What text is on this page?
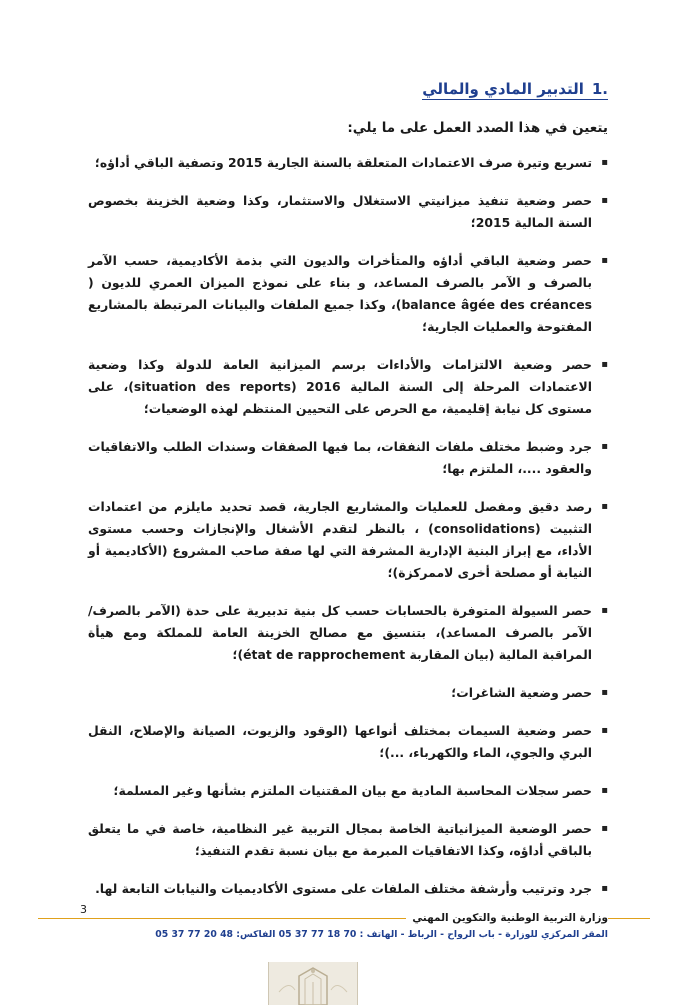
.1التدبير المادي والمالي
يتعين في هذا الصدد العمل على ما يلي:
▪ تسريع وتيرة صرف الاعتمادات المتعلقة بالسنة الجارية 2015 وتصفية الباقي أداؤه؛
▪ حصر وضعية تنفيذ ميزانيتي الاستغلال والاستثمار، وكذا وضعية الخزينة بخصوص السنة المالية 2015؛
▪ حصر وضعية الباقي أداؤه والمتأخرات والديون التي بذمة الأكاديمية، حسب الآمر بالصرف و الآمر بالصرف المساعد، و بناء على نموذج الميزان العمري للديون ( balance âgée des créances)، وكذا جميع الملفات والبيانات المرتبطة بالمشاريع المفتوحة والعمليات الجارية؛
▪ حصر وضعية الالتزامات والأداءات برسم الميزانية العامة للدولة وكذا وضعية الاعتمادات المرحلة إلى السنة المالية 2016 (situation des reports)، على مستوى كل نيابة إقليمية، مع الحرص على التحيين المنتظم لهذه الوضعيات؛
▪ جرد وضبط مختلف ملفات النفقات، بما فيها الصفقات وسندات الطلب والاتفاقيات والعقود ....، الملتزم بها؛
▪ رصد دقيق ومفصل للعمليات والمشاريع الجارية، قصد تحديد مايلزم من اعتمادات التثبيت (consolidations) ، بالنظر لتقدم الأشغال والإنجازات وحسب مستوى الأداء، مع إبراز البنية الإدارية المشرفة التي لها صفة صاحب المشروع (الأكاديمية أو النيابة أو مصلحة أخرى لاممركزة)؛
▪ حصر السيولة المتوفرة بالحسابات حسب كل بنية تدبيرية على حدة (الآمر بالصرف/الآمر بالصرف المساعد)، بتنسيق مع مصالح الخزينة العامة للمملكة ومع هيأة المراقبة المالية (بيان المقاربة état de rapprochement)؛
▪ حصر وضعية الشاغرات؛
▪ حصر وضعية السيمات بمختلف أنواعها (الوقود والزيوت، الصيانة والإصلاح، النقل البري والجوي، الماء والكهرباء، ...)؛
▪ حصر سجلات المحاسبة المادية مع بيان المقتنيات الملتزم بشأنها وغير المسلمة؛
▪ حصر الوضعية الميزانياتية الخاصة بمجال التربية غير النظامية، خاصة في ما يتعلق بالباقي أداؤه، وكذا الاتفاقيات المبرمة مع بيان نسبة تقدم التنفيذ؛
▪ جرد وترتيب وأرشفة مختلف الملفات على مستوى الأكاديميات والنيابات التابعة لها.
3
وزارة التربية الوطنية والتكوين المهني
المقر المركزي للوزارة - باب الرواح - الرباط - الهاتف : 70 18 77 37 05 الفاكس: 48 20 77 37 05
